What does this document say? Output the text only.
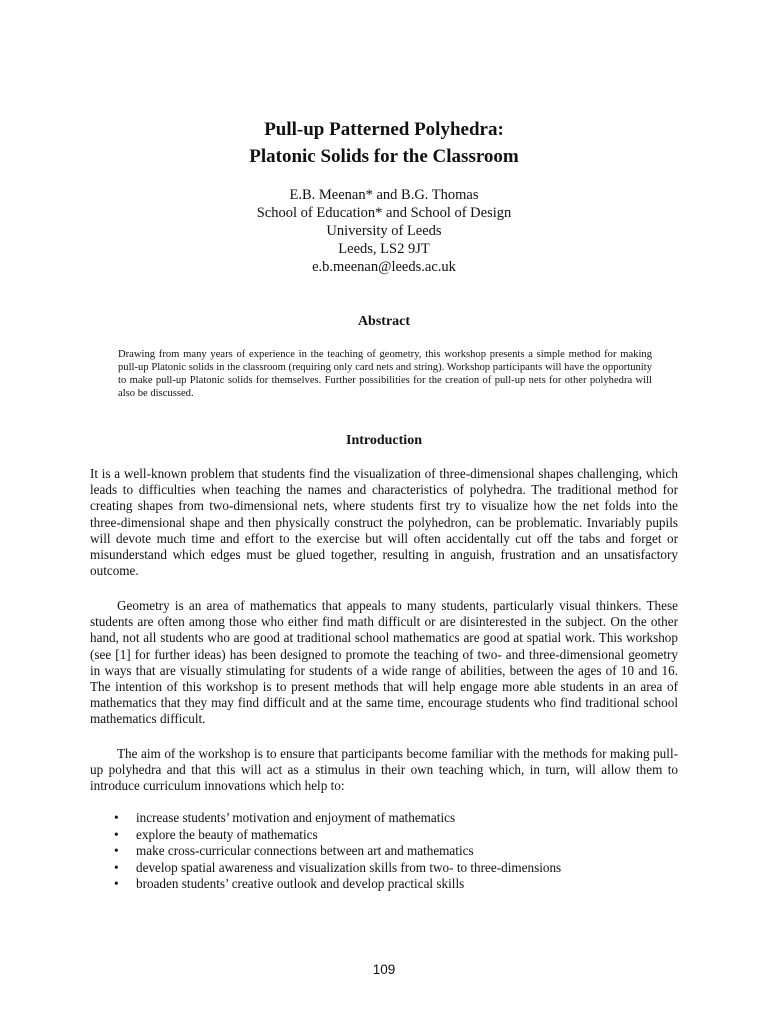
Pull-up Patterned Polyhedra:
Platonic Solids for the Classroom
E.B. Meenan* and B.G. Thomas
School of Education* and School of Design
University of Leeds
Leeds, LS2 9JT
e.b.meenan@leeds.ac.uk
Abstract
Drawing from many years of experience in the teaching of geometry, this workshop presents a simple method for making pull-up Platonic solids in the classroom (requiring only card nets and string). Workshop participants will have the opportunity to make pull-up Platonic solids for themselves. Further possibilities for the creation of pull-up nets for other polyhedra will also be discussed.
Introduction

It is a well-known problem that students find the visualization of three-dimensional shapes challenging, which leads to difficulties when teaching the names and characteristics of polyhedra. The traditional method for creating shapes from two-dimensional nets, where students first try to visualize how the net folds into the three-dimensional shape and then physically construct the polyhedron, can be problematic. Invariably pupils will devote much time and effort to the exercise but will often accidentally cut off the tabs and forget or misunderstand which edges must be glued together, resulting in anguish, frustration and an unsatisfactory outcome.

Geometry is an area of mathematics that appeals to many students, particularly visual thinkers. These students are often among those who either find math difficult or are disinterested in the subject. On the other hand, not all students who are good at traditional school mathematics are good at spatial work. This workshop (see [1] for further ideas) has been designed to promote the teaching of two- and three-dimensional geometry in ways that are visually stimulating for students of a wide range of abilities, between the ages of 10 and 16. The intention of this workshop is to present methods that will help engage more able students in an area of mathematics that they may find difficult and at the same time, encourage students who find traditional school mathematics difficult.

The aim of the workshop is to ensure that participants become familiar with the methods for making pull-up polyhedra and that this will act as a stimulus in their own teaching which, in turn, will allow them to introduce curriculum innovations which help to:

• increase students’ motivation and enjoyment of mathematics
• explore the beauty of mathematics
• make cross-curricular connections between art and mathematics
• develop spatial awareness and visualization skills from two- to three-dimensions
• broaden students’ creative outlook and develop practical skills
109
